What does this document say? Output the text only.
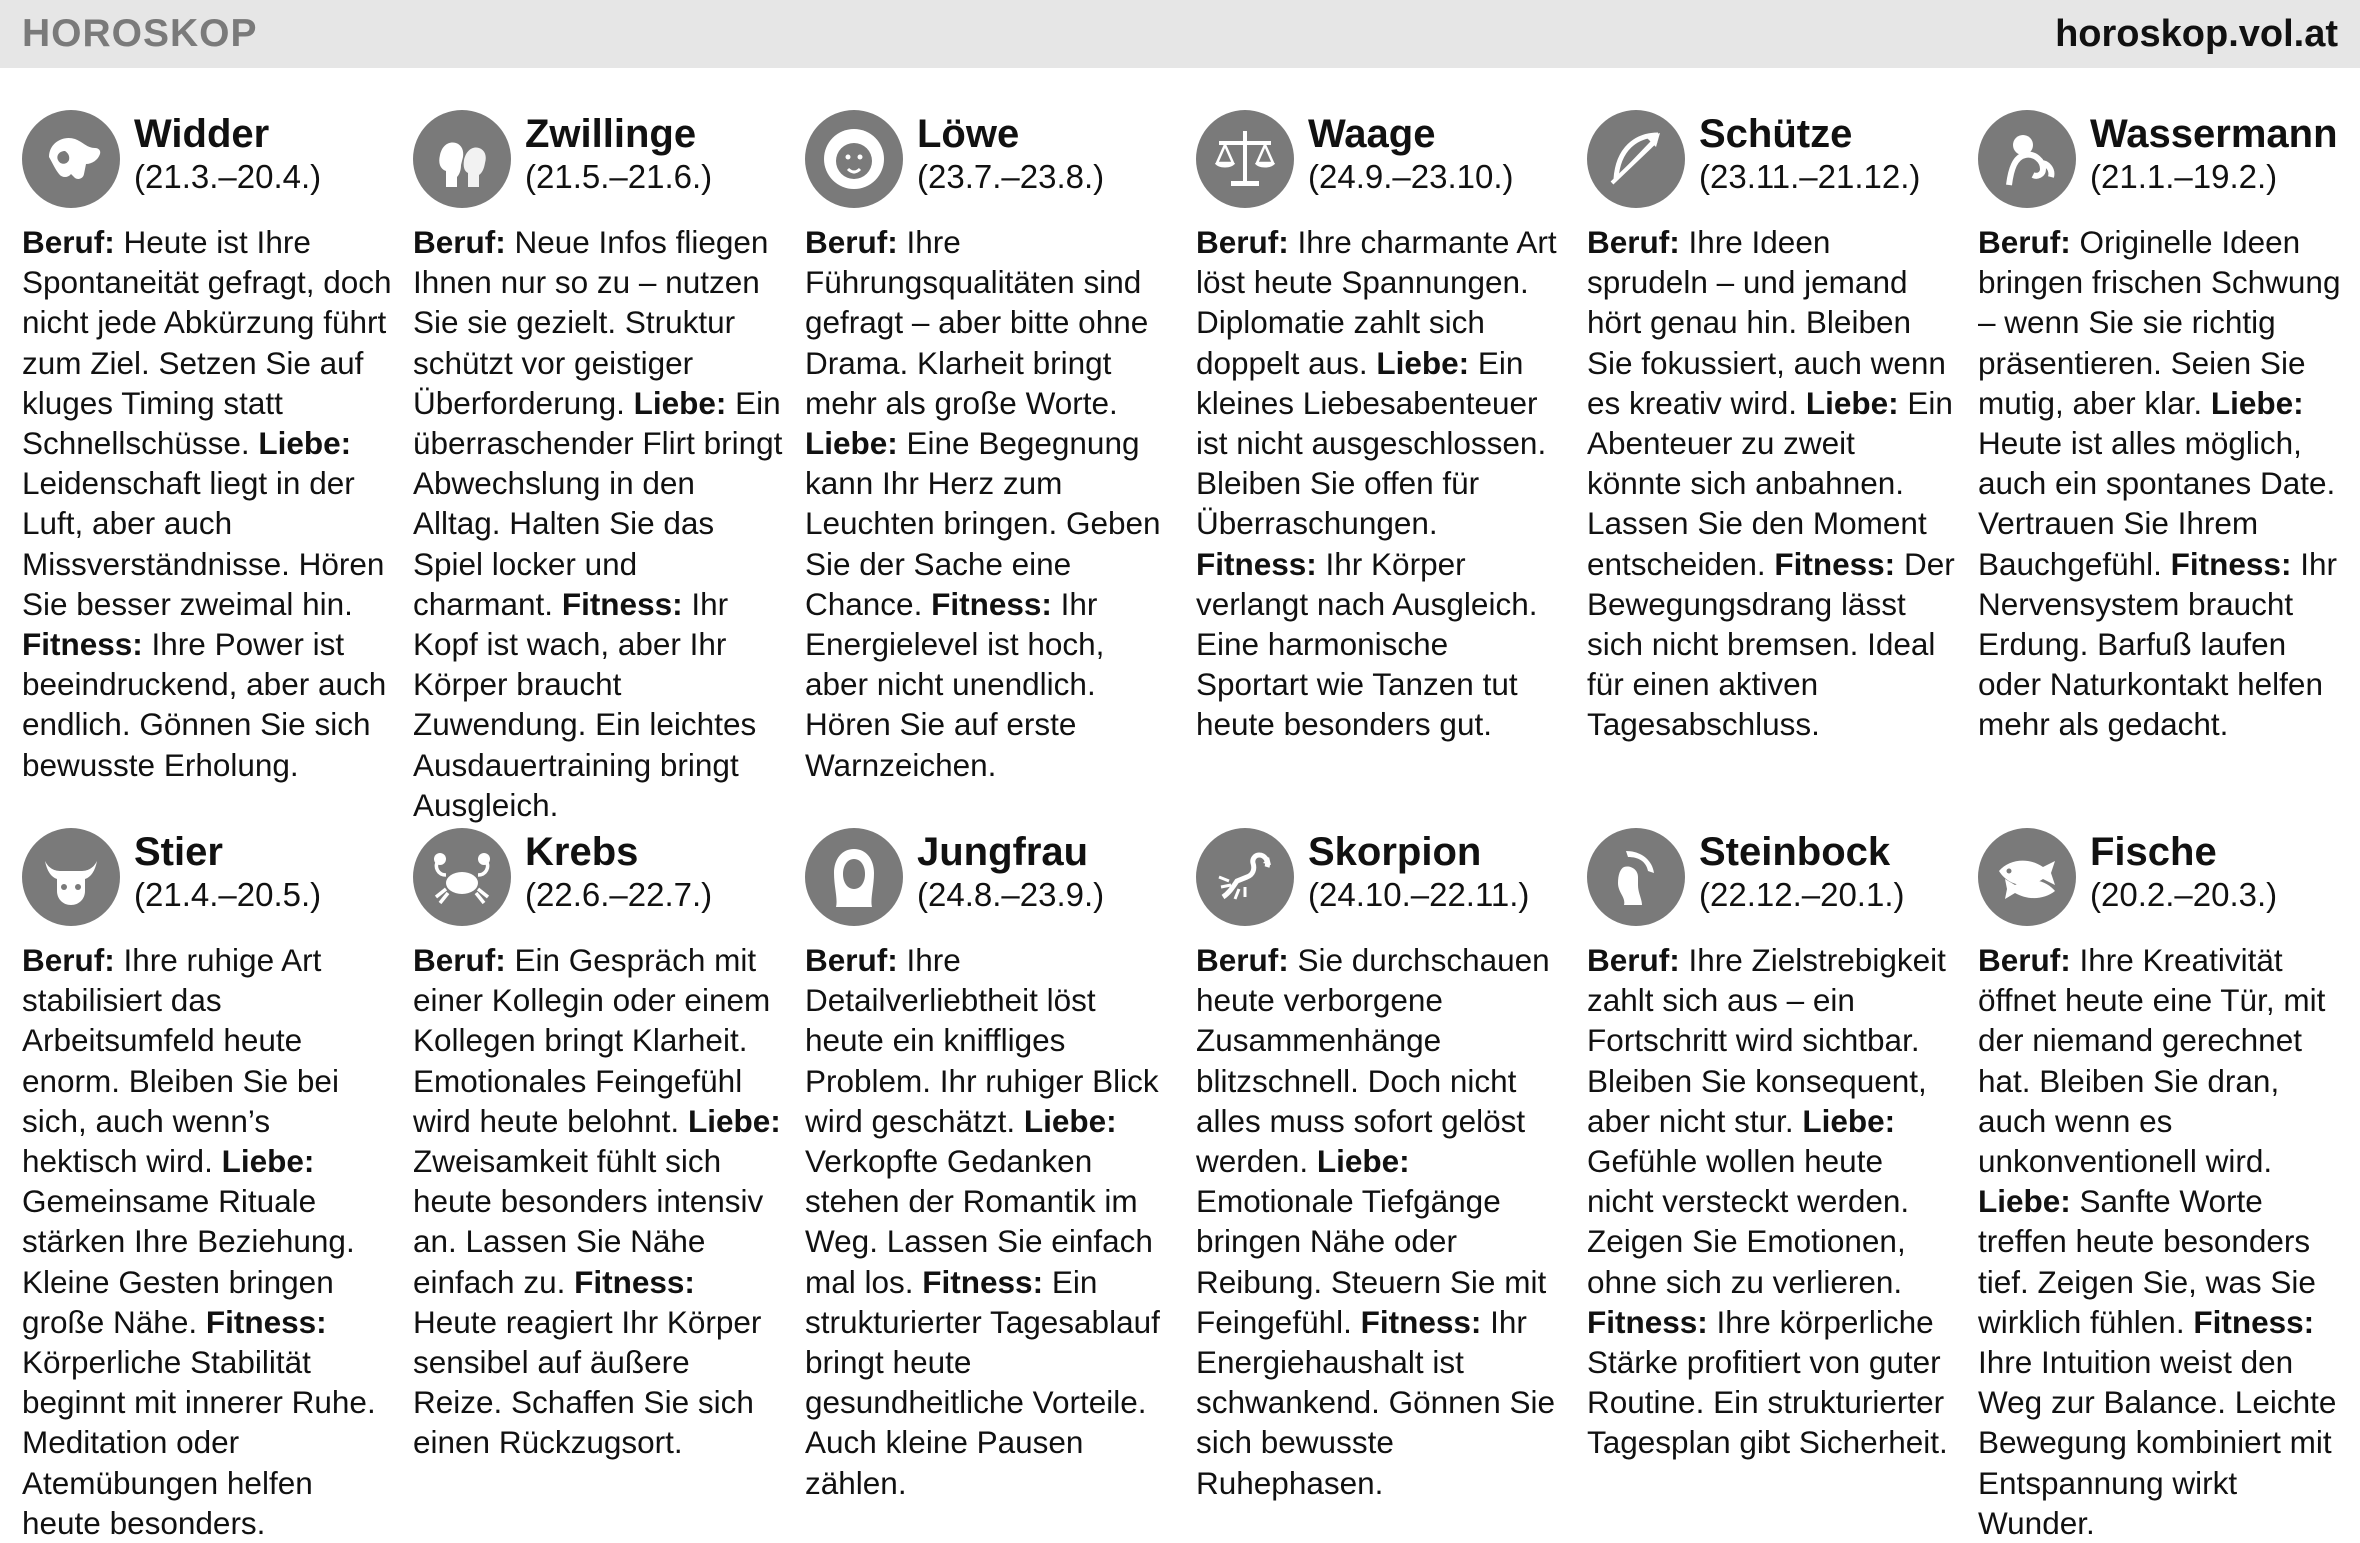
HOROSKOP	horoskop.vol.at
Widder
(21.3.–20.4.)
Beruf: Heute ist Ihre Spontaneität gefragt, doch nicht jede Abkürzung führt zum Ziel. Setzen Sie auf kluges Timing statt Schnellschüsse. Liebe: Leidenschaft liegt in der Luft, aber auch Missverständnisse. Hören Sie besser zweimal hin. Fitness: Ihre Power ist beeindruckend, aber auch endlich. Gönnen Sie sich bewusste Erholung.
Zwillinge
(21.5.–21.6.)
Beruf: Neue Infos fliegen Ihnen nur so zu – nutzen Sie sie gezielt. Struktur schützt vor geistiger Überforderung. Liebe: Ein überraschender Flirt bringt Abwechslung in den Alltag. Halten Sie das Spiel locker und charmant. Fitness: Ihr Kopf ist wach, aber Ihr Körper braucht Zuwendung. Ein leichtes Ausdauertraining bringt Ausgleich.
Löwe
(23.7.–23.8.)
Beruf: Ihre Führungsqualitäten sind gefragt – aber bitte ohne Drama. Klarheit bringt mehr als große Worte. Liebe: Eine Begegnung kann Ihr Herz zum Leuchten bringen. Geben Sie der Sache eine Chance. Fitness: Ihr Energielevel ist hoch, aber nicht unendlich. Hören Sie auf erste Warnzeichen.
Waage
(24.9.–23.10.)
Beruf: Ihre charmante Art löst heute Spannungen. Diplomatie zahlt sich doppelt aus. Liebe: Ein kleines Liebesabenteuer ist nicht ausgeschlossen. Bleiben Sie offen für Überraschungen. Fitness: Ihr Körper verlangt nach Ausgleich. Eine harmonische Sportart wie Tanzen tut heute besonders gut.
Schütze
(23.11.–21.12.)
Beruf: Ihre Ideen sprudeln – und jemand hört genau hin. Bleiben Sie fokussiert, auch wenn es kreativ wird. Liebe: Ein Abenteuer zu zweit könnte sich anbahnen. Lassen Sie den Moment entscheiden. Fitness: Der Bewegungsdrang lässt sich nicht bremsen. Ideal für einen aktiven Tagesabschluss.
Wassermann
(21.1.–19.2.)
Beruf: Originelle Ideen bringen frischen Schwung – wenn Sie sie richtig präsentieren. Seien Sie mutig, aber klar. Liebe: Heute ist alles möglich, auch ein spontanes Date. Vertrauen Sie Ihrem Bauchgefühl. Fitness: Ihr Nervensystem braucht Erdung. Barfuß laufen oder Naturkontakt helfen mehr als gedacht.
Stier
(21.4.–20.5.)
Beruf: Ihre ruhige Art stabilisiert das Arbeitsumfeld heute enorm. Bleiben Sie bei sich, auch wenn’s hektisch wird. Liebe: Gemeinsame Rituale stärken Ihre Beziehung. Kleine Gesten bringen große Nähe. Fitness: Körperliche Stabilität beginnt mit innerer Ruhe. Meditation oder Atemübungen helfen heute besonders.
Krebs
(22.6.–22.7.)
Beruf: Ein Gespräch mit einer Kollegin oder einem Kollegen bringt Klarheit. Emotionales Feingefühl wird heute belohnt. Liebe: Zweisamkeit fühlt sich heute besonders intensiv an. Lassen Sie Nähe einfach zu. Fitness: Heute reagiert Ihr Körper sensibel auf äußere Reize. Schaffen Sie sich einen Rückzugsort.
Jungfrau
(24.8.–23.9.)
Beruf: Ihre Detailverliebtheit löst heute ein kniffliges Problem. Ihr ruhiger Blick wird geschätzt. Liebe: Verkopfte Gedanken stehen der Romantik im Weg. Lassen Sie einfach mal los. Fitness: Ein strukturierter Tagesablauf bringt heute gesundheitliche Vorteile. Auch kleine Pausen zählen.
Skorpion
(24.10.–22.11.)
Beruf: Sie durchschauen heute verborgene Zusammenhänge blitzschnell. Doch nicht alles muss sofort gelöst werden. Liebe: Emotionale Tiefgänge bringen Nähe oder Reibung. Steuern Sie mit Feingefühl. Fitness: Ihr Energiehaushalt ist schwankend. Gönnen Sie sich bewusste Ruhephasen.
Steinbock
(22.12.–20.1.)
Beruf: Ihre Zielstrebigkeit zahlt sich aus – ein Fortschritt wird sichtbar. Bleiben Sie konsequent, aber nicht stur. Liebe: Gefühle wollen heute nicht versteckt werden. Zeigen Sie Emotionen, ohne sich zu verlieren. Fitness: Ihre körperliche Stärke profitiert von guter Routine. Ein strukturierter Tagesplan gibt Sicherheit.
Fische
(20.2.–20.3.)
Beruf: Ihre Kreativität öffnet heute eine Tür, mit der niemand gerechnet hat. Bleiben Sie dran, auch wenn es unkonventionell wird. Liebe: Sanfte Worte treffen heute besonders tief. Zeigen Sie, was Sie wirklich fühlen. Fitness: Ihre Intuition weist den Weg zur Balance. Leichte Bewegung kombiniert mit Entspannung wirkt Wunder.
